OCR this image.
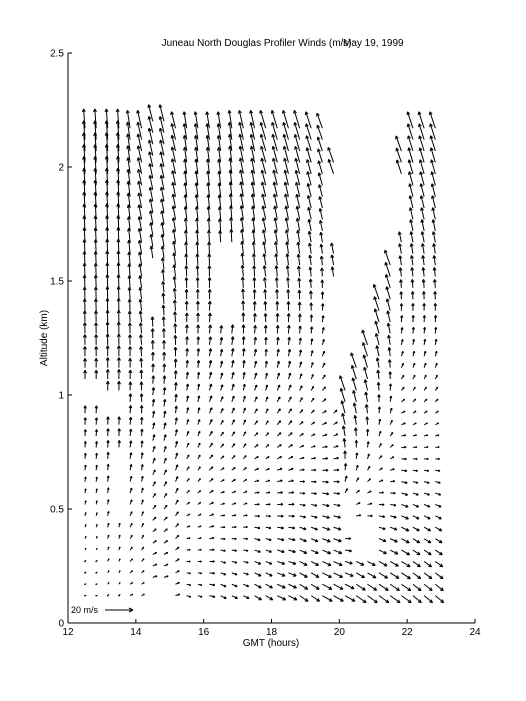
Juneau North Douglas Profiler Winds (m/s):
May 19, 1999
12	14	16	18	20	22	24
0
0.5
1
1.5
2
2.5
GMT (hours)
Altitude (km)
20 m/s
